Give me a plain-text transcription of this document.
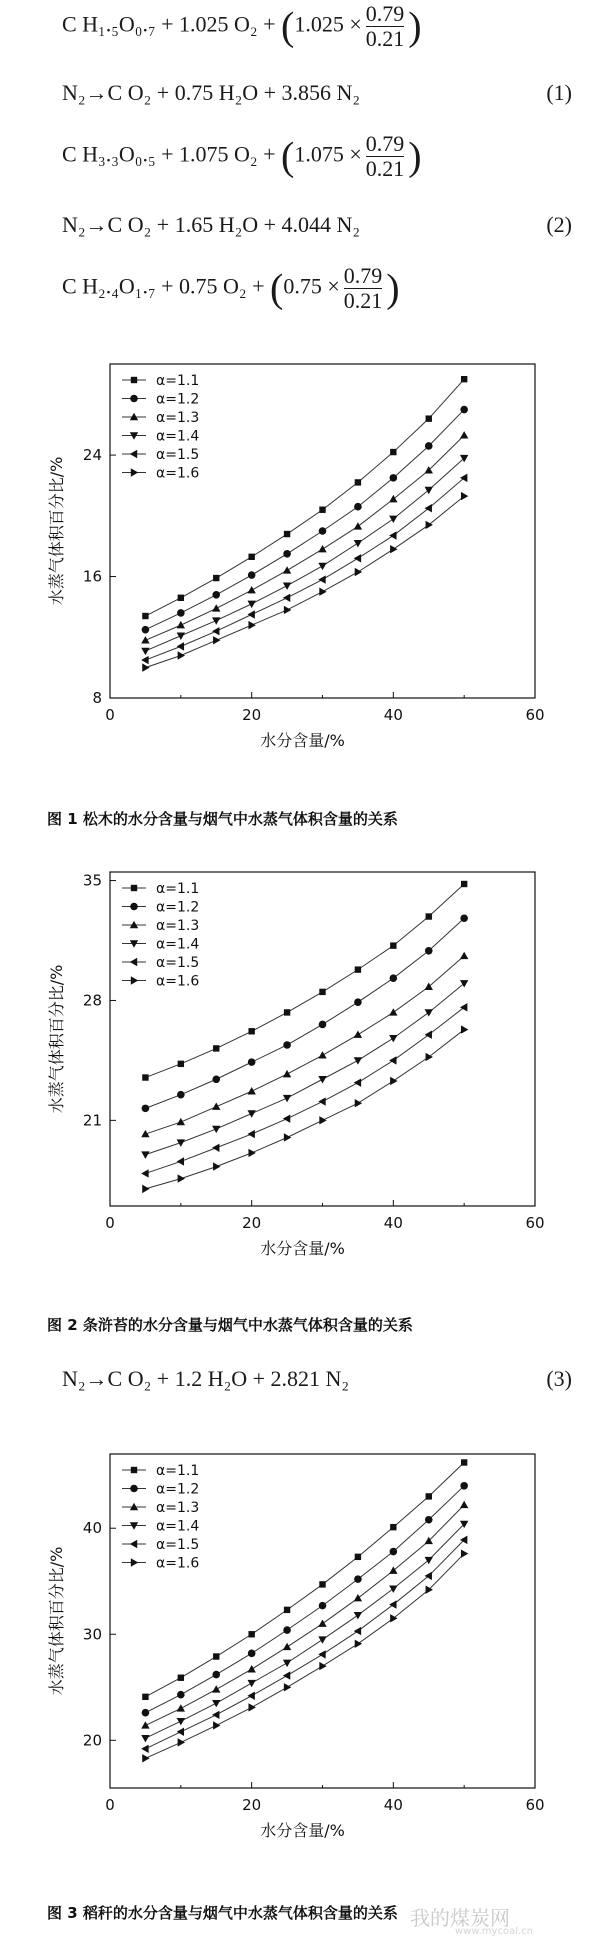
C H₁.₅O₀.₇ + 1.025 $O_2 + (1.025 \times \frac{0.79}{0.21}$ )
N₂→C O₂ + 0.75 H₂O + 3.856 N₂	(1)
C H₃.₃O₀.₅ + 1.075 $O_2 + (1.075 \times \frac{0.79}{0.21}$ )
N₂→C O₂ + 1.65 H₂O + 4.044 N₂	(2)
C H₂.₄O₁.₇ + 0.75 $O_2 + (0.75 \times \frac{0.79}{0.21}$ )
0	20	40	60
8
16
24
水分含量/%
水蒸气体积百分比/%
α=1.1
α=1.2
α=1.3
α=1.4
α=1.5
α=1.6
图 1 松木的水分含量与烟气中水蒸气体积含量的关系
0	20	40	60
21
28
35
水分含量/%
水蒸气体积百分比/%
α=1.1
α=1.2
α=1.3
α=1.4
α=1.5
α=1.6
图 2 条浒苔的水分含量与烟气中水蒸气体积含量的关系
N₂→C O₂ + 1.2 H₂O + 2.821 N₂	(3)
0	20	40	60
20
30
40
水分含量/%
水蒸气体积百分比/%
α=1.1
α=1.2
α=1.3
α=1.4
α=1.5
α=1.6
图 3 稻秆的水分含量与烟气中水蒸气体积含量的关系 我的煤炭网
www.mycoal.cn
